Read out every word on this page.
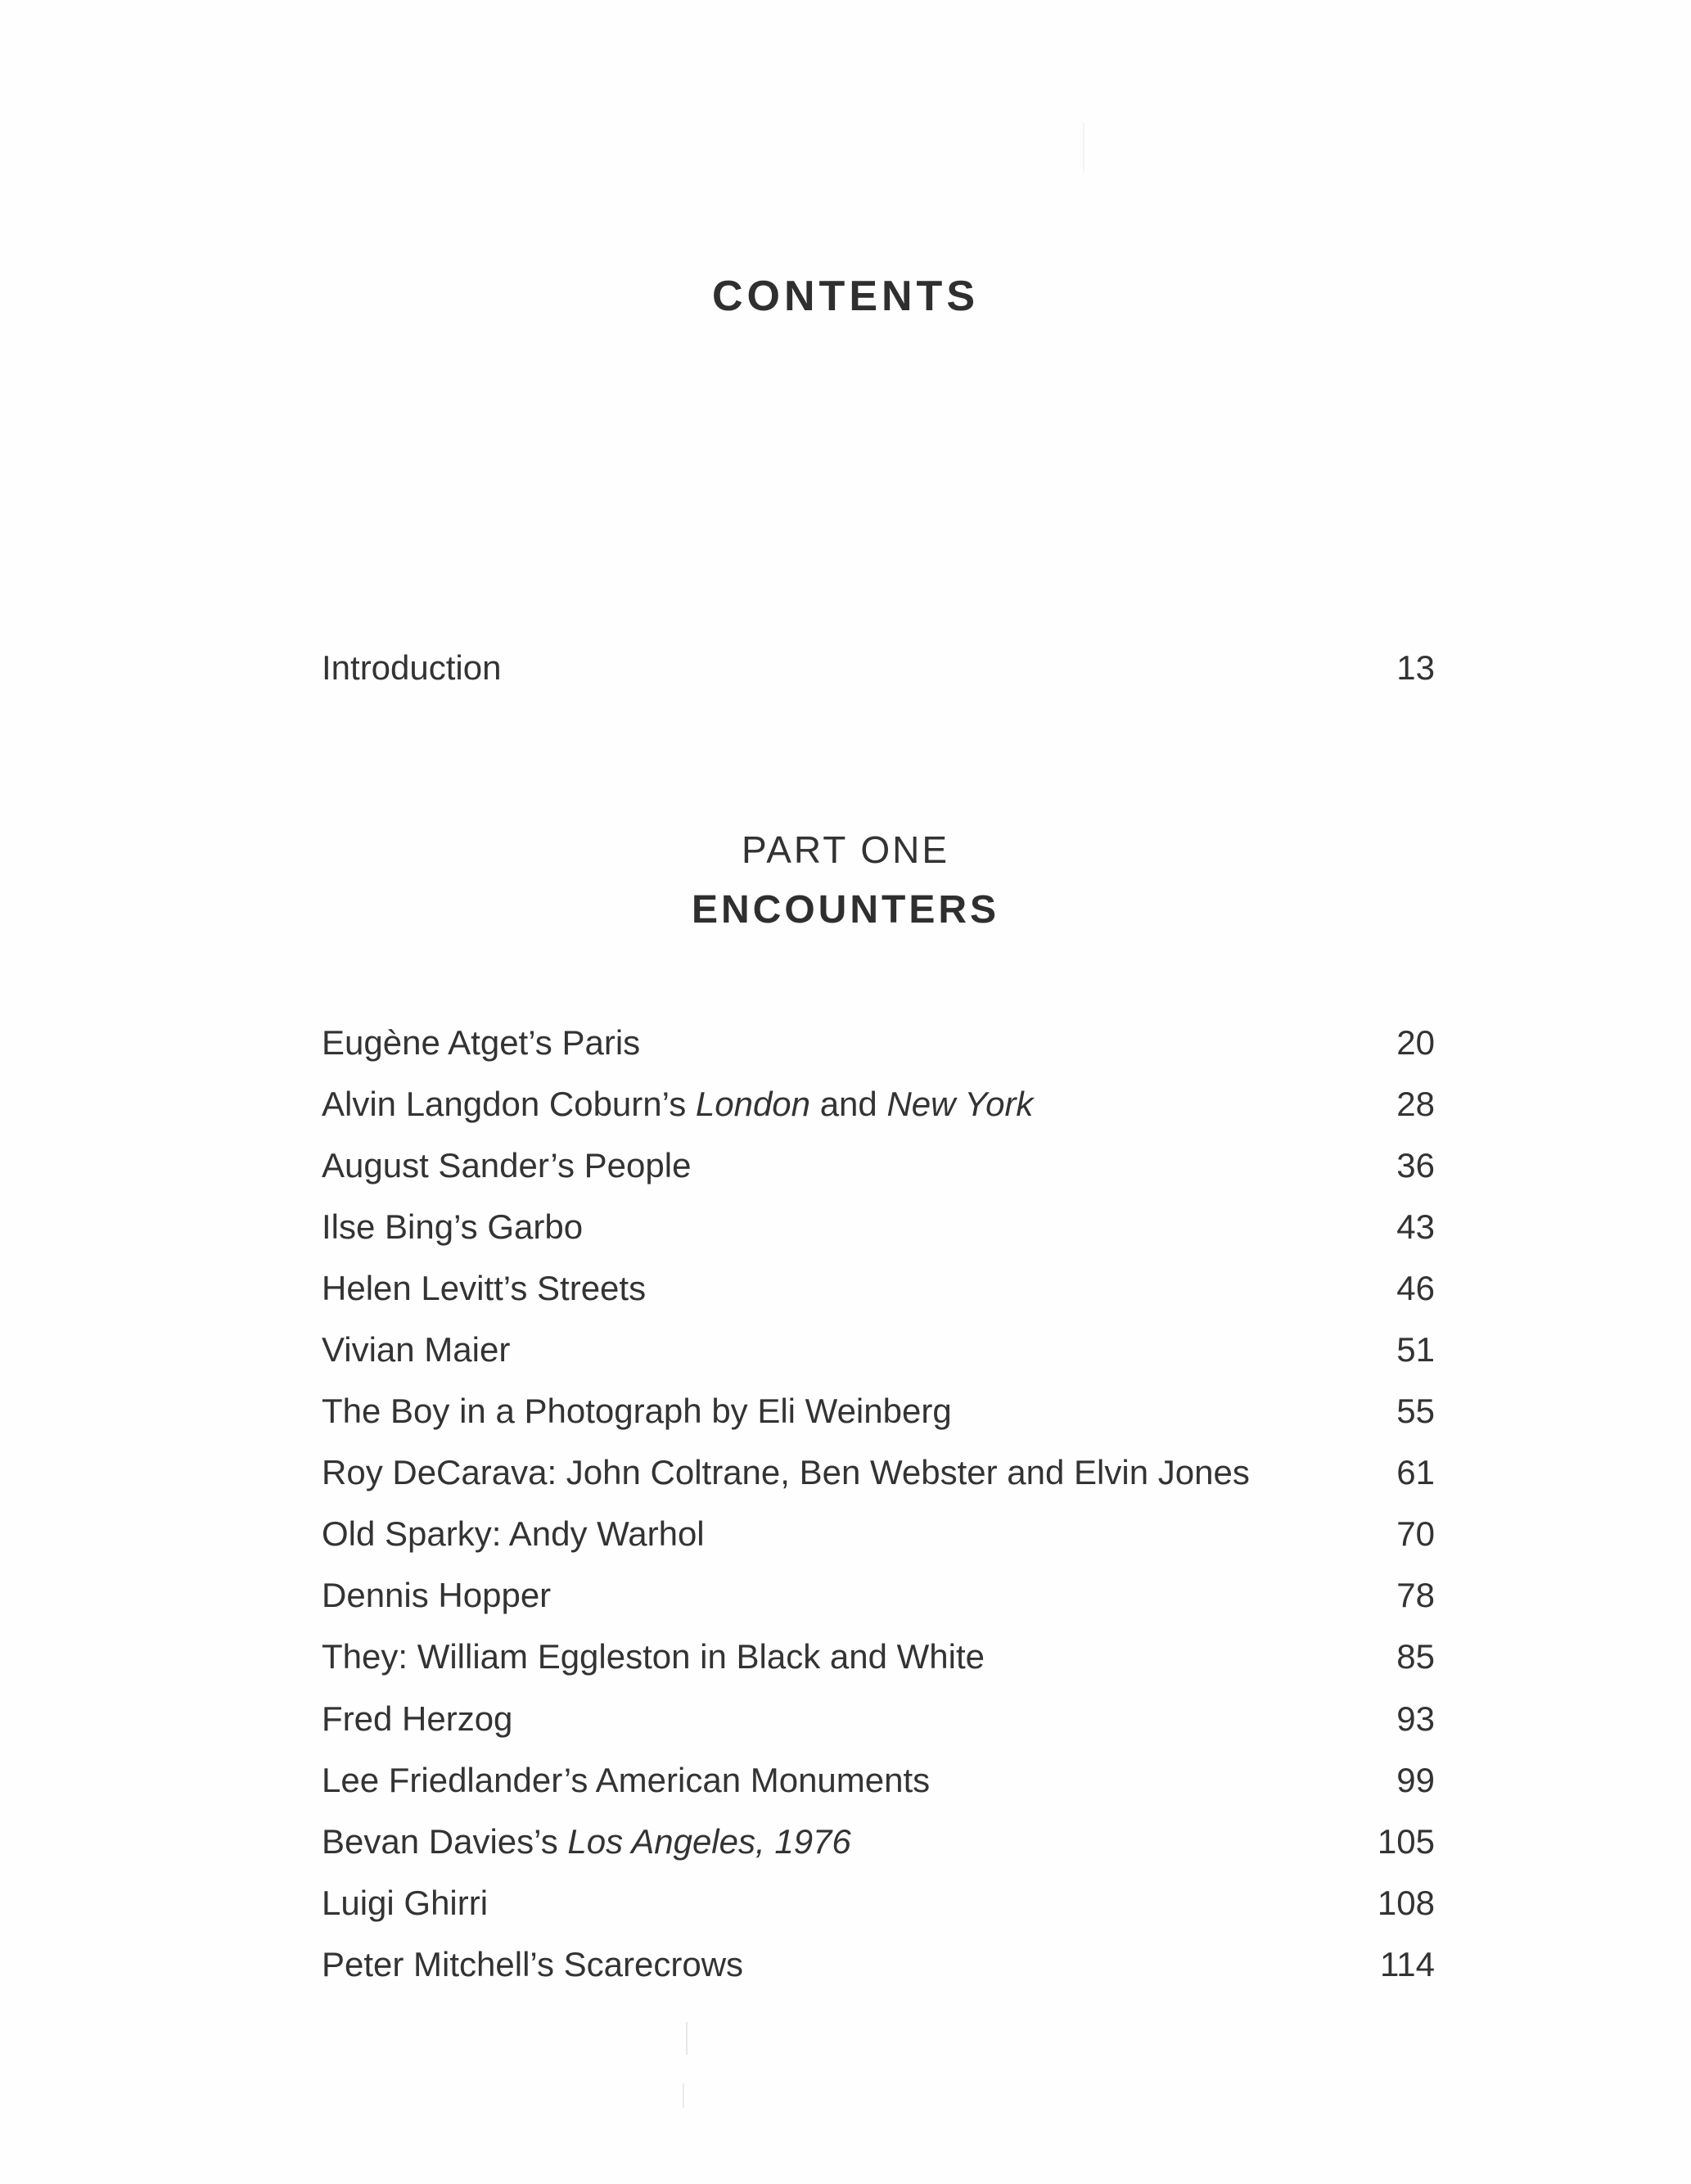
CONTENTS
Introduction	13
PART ONE
ENCOUNTERS
Eugène Atget’s Paris	20
Alvin Langdon Coburn’s London and New York	28
August Sander’s People	36
Ilse Bing’s Garbo	43
Helen Levitt’s Streets	46
Vivian Maier	51
The Boy in a Photograph by Eli Weinberg	55
Roy DeCarava: John Coltrane, Ben Webster and Elvin Jones	61
Old Sparky: Andy Warhol	70
Dennis Hopper	78
They: William Eggleston in Black and White	85
Fred Herzog	93
Lee Friedlander’s American Monuments	99
Bevan Davies’s Los Angeles, 1976	105
Luigi Ghirri	108
Peter Mitchell’s Scarecrows	114
